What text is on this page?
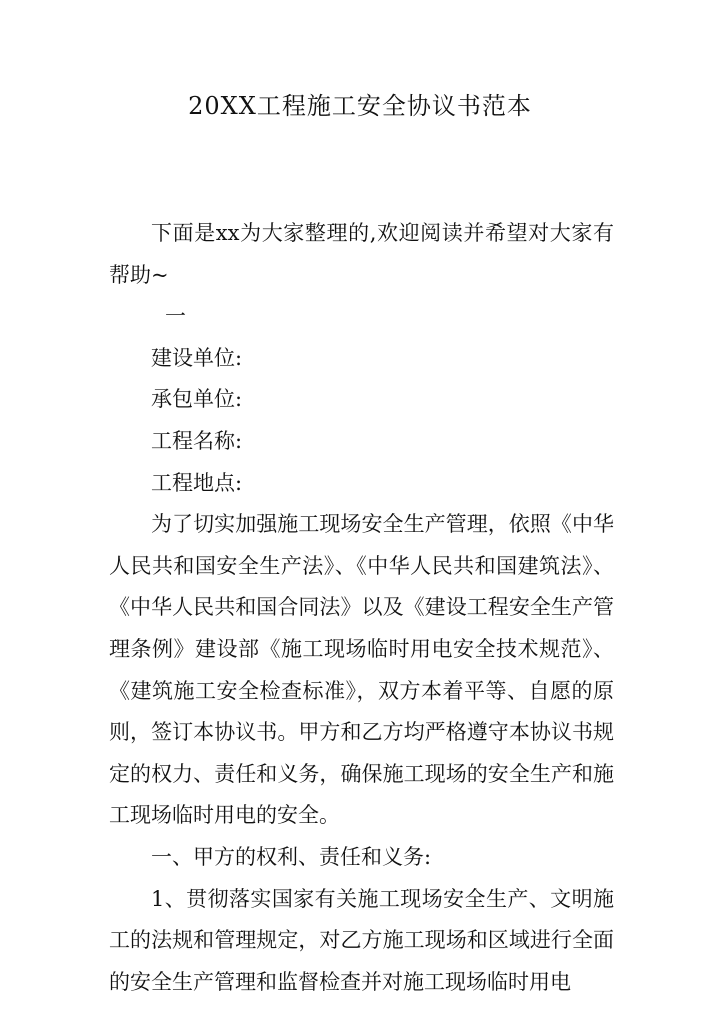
20XX工程施工安全协议书范本

下面是xx为大家整理的,欢迎阅读并希望对大家有帮助~

一

建设单位:

承包单位:

工程名称:

工程地点:

为了切实加强施工现场安全生产管理，依照《中华人民共和国安全生产法》、《中华人民共和国建筑法》、《中华人民共和国合同法》以及《建设工程安全生产管理条例》建设部《施工现场临时用电安全技术规范》、《建筑施工安全检查标准》，双方本着平等、自愿的原则，签订本协议书。甲方和乙方均严格遵守本协议书规定的权力、责任和义务，确保施工现场的安全生产和施工现场临时用电的安全。

一、甲方的权利、责任和义务:

1、贯彻落实国家有关施工现场安全生产、文明施工的法规和管理规定，对乙方施工现场和区域进行全面的安全生产管理和监督检查并对施工现场临时用电
